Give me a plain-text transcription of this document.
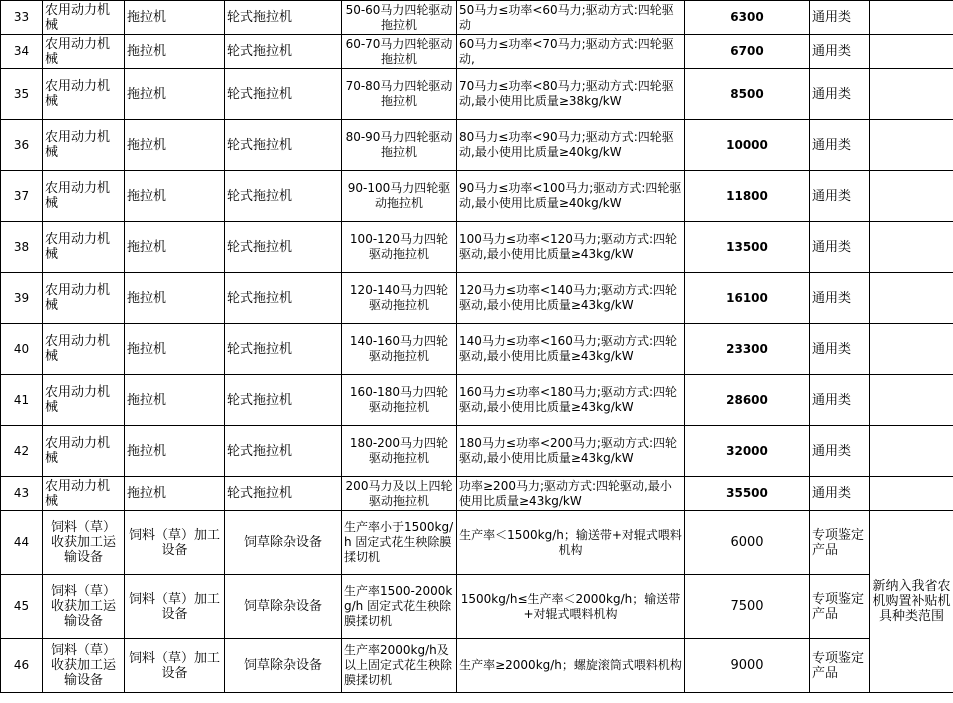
33	农用动力机械	拖拉机	轮式拖拉机	50-60马力四轮驱动拖拉机	50马力≤功率<60马力;驱动方式:四轮驱动	6300	通用类	
34	农用动力机械	拖拉机	轮式拖拉机	60-70马力四轮驱动拖拉机	60马力≤功率<70马力;驱动方式:四轮驱动,	6700	通用类	
35	农用动力机械	拖拉机	轮式拖拉机	70-80马力四轮驱动拖拉机	70马力≤功率<80马力;驱动方式:四轮驱动,最小使用比质量≥38kg/kW	8500	通用类	
36	农用动力机械	拖拉机	轮式拖拉机	80-90马力四轮驱动拖拉机	80马力≤功率<90马力;驱动方式:四轮驱动,最小使用比质量≥40kg/kW	10000	通用类	
37	农用动力机械	拖拉机	轮式拖拉机	90-100马力四轮驱动拖拉机	90马力≤功率<100马力;驱动方式:四轮驱动,最小使用比质量≥40kg/kW	11800	通用类	
38	农用动力机械	拖拉机	轮式拖拉机	100-120马力四轮驱动拖拉机	100马力≤功率<120马力;驱动方式:四轮驱动,最小使用比质量≥43kg/kW	13500	通用类	
39	农用动力机械	拖拉机	轮式拖拉机	120-140马力四轮驱动拖拉机	120马力≤功率<140马力;驱动方式:四轮驱动,最小使用比质量≥43kg/kW	16100	通用类	
40	农用动力机械	拖拉机	轮式拖拉机	140-160马力四轮驱动拖拉机	140马力≤功率<160马力;驱动方式:四轮驱动,最小使用比质量≥43kg/kW	23300	通用类	
41	农用动力机械	拖拉机	轮式拖拉机	160-180马力四轮驱动拖拉机	160马力≤功率<180马力;驱动方式:四轮驱动,最小使用比质量≥43kg/kW	28600	通用类	
42	农用动力机械	拖拉机	轮式拖拉机	180-200马力四轮驱动拖拉机	180马力≤功率<200马力;驱动方式:四轮驱动,最小使用比质量≥43kg/kW	32000	通用类	
43	农用动力机械	拖拉机	轮式拖拉机	200马力及以上四轮驱动拖拉机	功率≥200马力;驱动方式:四轮驱动,最小使用比质量≥43kg/kW	35500	通用类	
44	饲料（草）收获加工运输设备	饲料（草）加工设备	饲草除杂设备	生产率小于1500kg/h 固定式花生秧除膜揉切机	生产率＜1500kg/h；输送带+对辊式喂料机构	6000	专项鉴定产品	新纳入我省农机购置补贴机具种类范围
45	饲料（草）收获加工运输设备	饲料（草）加工设备	饲草除杂设备	生产率1500-2000kg/h 固定式花生秧除膜揉切机	1500kg/h≤生产率＜2000kg/h；输送带+对辊式喂料机构	7500	专项鉴定产品	
46	饲料（草）收获加工运输设备	饲料（草）加工设备	饲草除杂设备	生产率2000kg/h及以上固定式花生秧除膜揉切机	生产率≥2000kg/h；螺旋滚筒式喂料机构	9000	专项鉴定产品	
